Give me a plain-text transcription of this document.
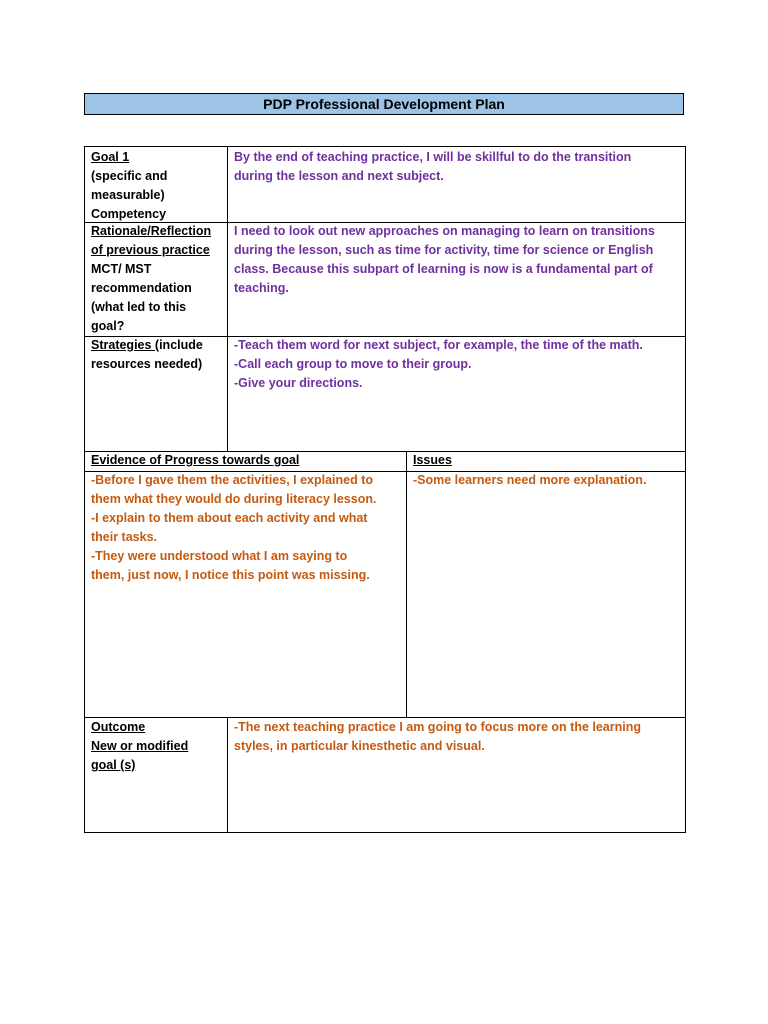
PDP Professional Development Plan
Goal 1
(specific and
measurable)
Competency
By the end of teaching practice, I will be skillful to do the transition
during the lesson and next subject.
Rationale/Reflection
of previous practice
MCT/ MST
recommendation
(what led to this
goal?
I need to look out new approaches on managing to learn on transitions
during the lesson, such as time for activity, time for science or English
class. Because this subpart of learning is now is a fundamental part of
teaching.
Strategies (include
resources needed)
-Teach them word for next subject, for example, the time of the math.
-Call each group to move to their group.
-Give your directions.
Evidence of Progress towards goal	Issues
-Before I gave them the activities, I explained to
them what they would do during literacy lesson.
-I explain to them about each activity and what
their tasks.
-They were understood what I am saying to
them, just now, I notice this point was missing.
-Some learners need more explanation.
Outcome
New or modified
goal (s)
-The next teaching practice I am going to focus more on the learning
styles, in particular kinesthetic and visual.
